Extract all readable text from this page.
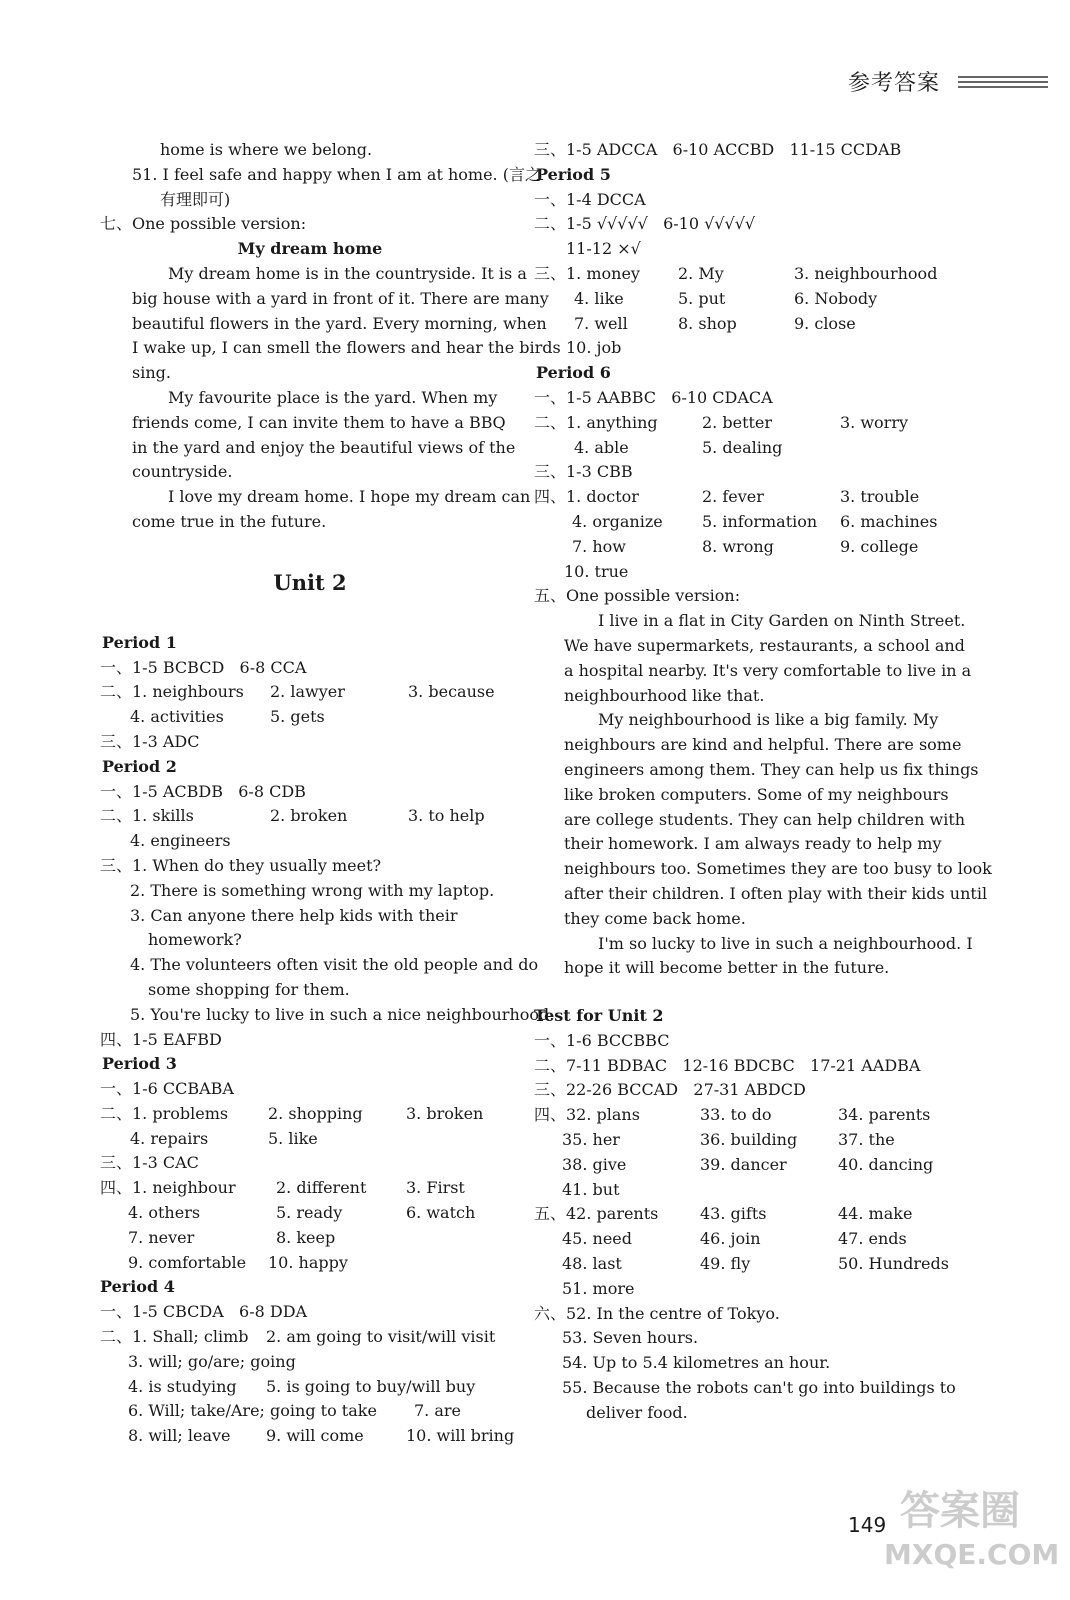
参考答案
home is where we belong.
51. I feel safe and happy when I am at home. (言之
有理即可)
七、One possible version:
My dream home
My dream home is in the countryside. It is a
big house with a yard in front of it. There are many
beautiful flowers in the yard. Every morning, when
I wake up, I can smell the flowers and hear the birds
sing.
My favourite place is the yard. When my
friends come, I can invite them to have a BBQ
in the yard and enjoy the beautiful views of the
countryside.
I love my dream home. I hope my dream can
come true in the future.
Unit 2
Period 1
一、1-5 BCBCD   6-8 CCA
二、1. neighbours 2. lawyer	3. because
4. activities	5. gets
三、1-3 ADC
Period 2
一、1-5 ACBDB   6-8 CDB
二、1. skills	2. broken	3. to help
4. engineers
三、1. When do they usually meet?
2. There is something wrong with my laptop.
3. Can anyone there help kids with their
homework?
4. The volunteers often visit the old people and do
some shopping for them.
5. You're lucky to live in such a nice neighbourhood.
四、1-5 EAFBD
Period 3
一、1-6 CCBABA
二、1. problems 2. shopping	3. broken
4. repairs	5. like
三、1-3 CAC
四、1. neighbour	2. different 3. First
4. others	5. ready	6. watch
7. never	8. keep
9. comfortable 10. happy
Period 4
一、1-5 CBCDA   6-8 DDA
二、1. Shall; climb 2. am going to visit/will visit
3. will; go/are; going
4. is studying 5. is going to buy/will buy
6. Will; take/Are; going to take 7. are
8. will; leave 9. will come	10. will bring
三、1-5 ADCCA   6-10 ACCBD   11-15 CCDAB
Period 5
一、1-4 DCCA
二、1-5 √√√√√   6-10 √√√√√
11-12 ×√
三、1. money 2. My	3. neighbourhood
4. like	5. put	6. Nobody
7. well	8. shop	9. close
10. job
Period 6
一、1-5 AABBC   6-10 CDACA
二、1. anything	2. better	3. worry
4. able	5. dealing
三、1-3 CBB
四、1. doctor	2. fever	3. trouble
4. organize 5. information 6. machines
7. how	8. wrong	9. college
10. true
五、One possible version:
I live in a flat in City Garden on Ninth Street.
We have supermarkets, restaurants, a school and
a hospital nearby. It's very comfortable to live in a
neighbourhood like that.
My neighbourhood is like a big family. My
neighbours are kind and helpful. There are some
engineers among them. They can help us fix things
like broken computers. Some of my neighbours
are college students. They can help children with
their homework. I am always ready to help my
neighbours too. Sometimes they are too busy to look
after their children. I often play with their kids until
they come back home.
I'm so lucky to live in such a neighbourhood. I
hope it will become better in the future.
Test for Unit 2
一、1-6 BCCBBC
二、7-11 BDBAC   12-16 BDCBC   17-21 AADBA
三、22-26 BCCAD   27-31 ABDCD
四、32. plans	33. to do	34. parents
35. her	36. building	37. the
38. give	39. dancer	40. dancing
41. but
五、42. parents	43. gifts	44. make
45. need	46. join	47. ends
48. last	49. fly	50. Hundreds
51. more
六、52. In the centre of Tokyo.
53. Seven hours.
54. Up to 5.4 kilometres an hour.
55. Because the robots can't go into buildings to
deliver food.
149 答案圈
MXQE.COM
